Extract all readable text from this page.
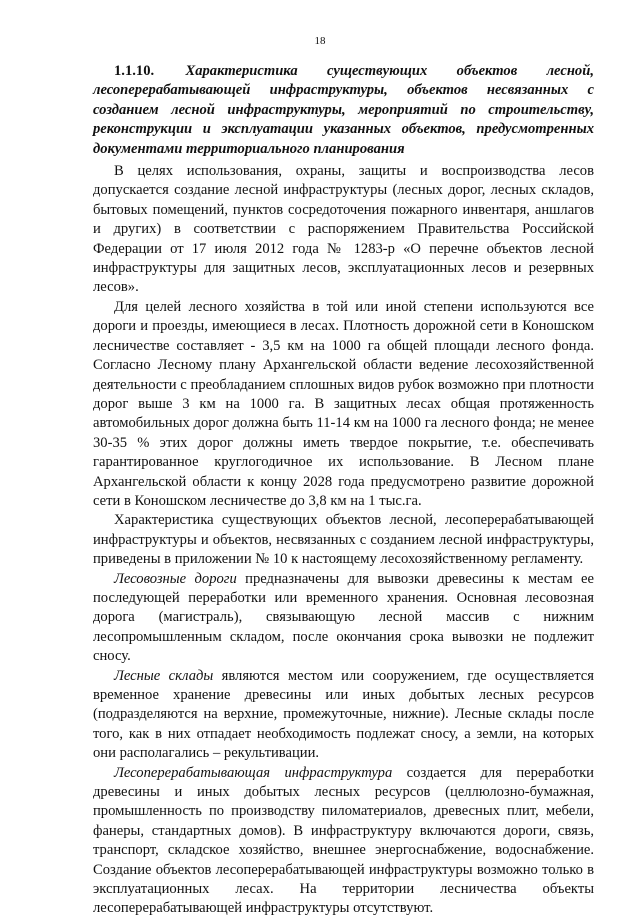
18

1.1.10. Характеристика существующих объектов лесной, лесоперерабатывающей инфраструктуры, объектов несвязанных с созданием лесной инфраструктуры, мероприятий по строительству, реконструкции и эксплуатации указанных объектов, предусмотренных документами территориального планирования

В целях использования, охраны, защиты и воспроизводства лесов допускается создание лесной инфраструктуры (лесных дорог, лесных складов, бытовых помещений, пунктов сосредоточения пожарного инвентаря, аншлагов и других) в соответствии с распоряжением Правительства Российской Федерации от 17 июля 2012 года № 1283-р «О перечне объектов лесной инфраструктуры для защитных лесов, эксплуатационных лесов и резервных лесов».

Для целей лесного хозяйства в той или иной степени используются все дороги и проезды, имеющиеся в лесах. Плотность дорожной сети в Коношском лесничестве составляет - 3,5 км на 1000 га общей площади лесного фонда. Согласно Лесному плану Архангельской области ведение лесохозяйственной деятельности с преобладанием сплошных видов рубок возможно при плотности дорог выше 3 км на 1000 га. В защитных лесах общая протяженность автомобильных дорог должна быть 11-14 км на 1000 га лесного фонда; не менее 30-35 % этих дорог должны иметь твердое покрытие, т.е. обеспечивать гарантированное круглогодичное их использование. В Лесном плане Архангельской области к концу 2028 года предусмотрено развитие дорожной сети в Коношском лесничестве до 3,8 км на 1 тыс.га.

Характеристика существующих объектов лесной, лесоперерабатывающей инфраструктуры и объектов, несвязанных с созданием лесной инфраструктуры, приведены в приложении № 10 к настоящему лесохозяйственному регламенту.

Лесовозные дороги предназначены для вывозки древесины к местам ее последующей переработки или временного хранения. Основная лесовозная дорога (магистраль), связывающую лесной массив с нижним лесопромышленным складом, после окончания срока вывозки не подлежит сносу.

Лесные склады являются местом или сооружением, где осуществляется временное хранение древесины или иных добытых лесных ресурсов (подразделяются на верхние, промежуточные, нижние). Лесные склады после того, как в них отпадает необходимость подлежат сносу, а земли, на которых они располагались – рекультивации.

Лесоперерабатывающая инфраструктура создается для переработки древесины и иных добытых лесных ресурсов (целлюлозно-бумажная, промышленность по производству пиломатериалов, древесных плит, мебели, фанеры, стандартных домов). В инфраструктуру включаются дороги, связь, транспорт, складское хозяйство, внешнее энергоснабжение, водоснабжение. Создание объектов лесоперерабатывающей инфраструктуры возможно только в эксплуатационных лесах. На территории лесничества объекты лесоперерабатывающей инфраструктуры отсутствуют.
